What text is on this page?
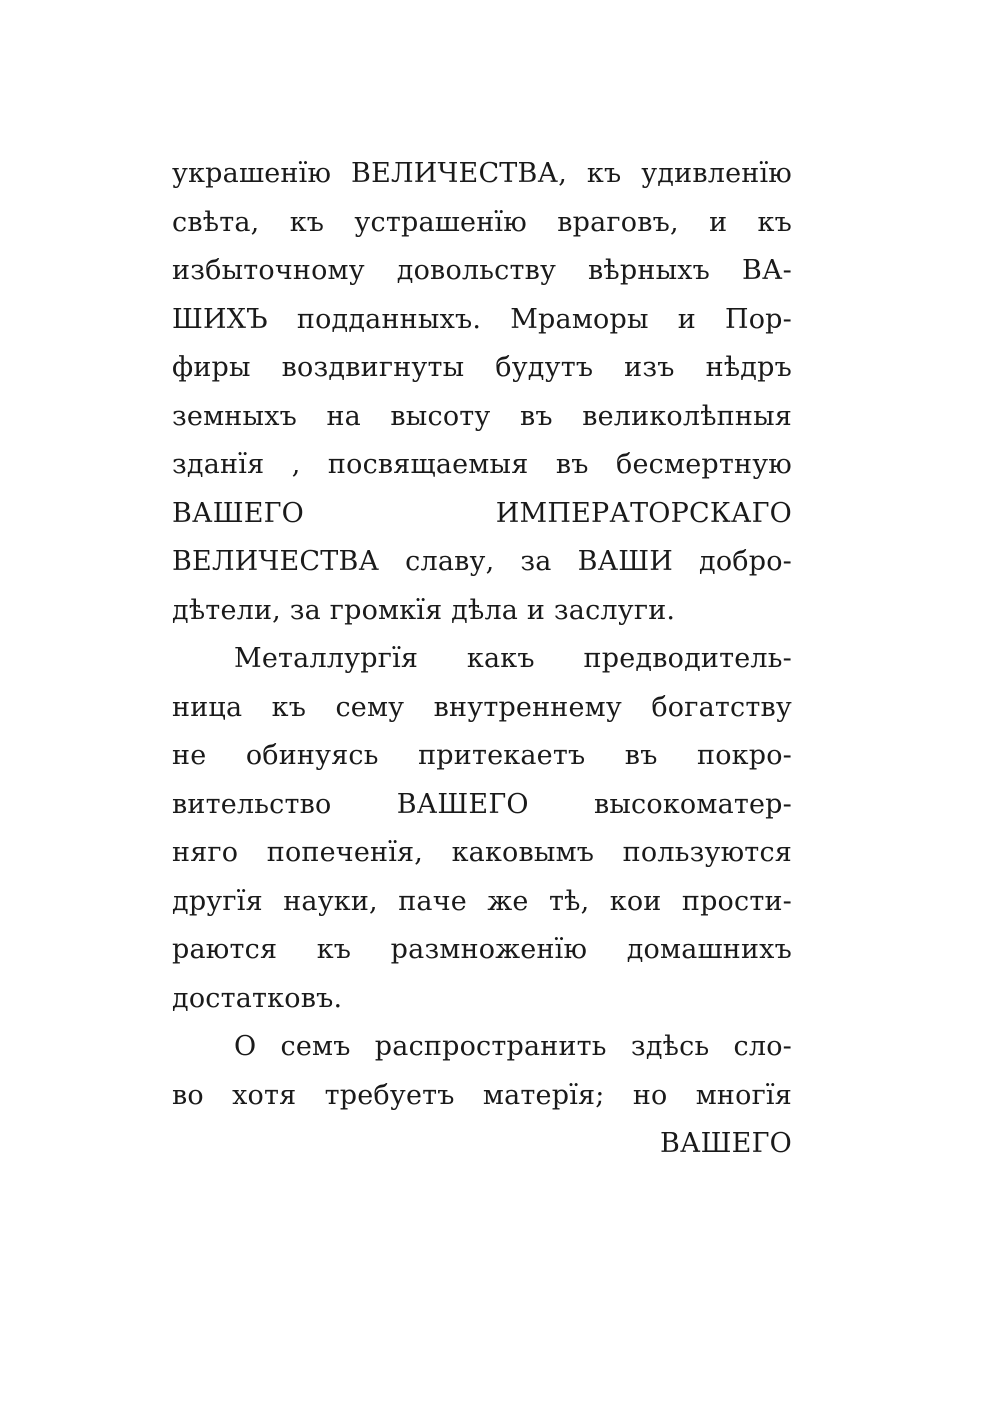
украшенїю ВЕЛИЧЕСТВА, къ удивленїю
свѣта, къ устрашенїю враговъ, и къ
избыточному довольству вѣрныхъ ВА-
ШИХЪ подданныхъ. Мраморы и Пор-
фиры воздвигнуты будутъ изъ нѣдръ
земныхъ на высоту въ великолѣпныя
зданїя , посвящаемыя въ бесмертную
ВАШЕГО ИМПЕРАТОРСКАГО
ВЕЛИЧЕСТВА славу, за ВАШИ добро-
дѣтели, за громкїя дѣла и заслуги.
Металлургїя какъ предводитель-
ница къ сему внутреннему богатству
не обинуясь притекаетъ въ покро-
вительство ВАШЕГО высокоматер-
няго попеченїя, каковымъ пользуются
другїя науки, паче же тѣ, кои прости-
раются къ размноженїю домашнихъ
достатковъ.
О семъ распространить здѣсь сло-
во хотя требуетъ матерїя; но многїя
ВАШЕГО
